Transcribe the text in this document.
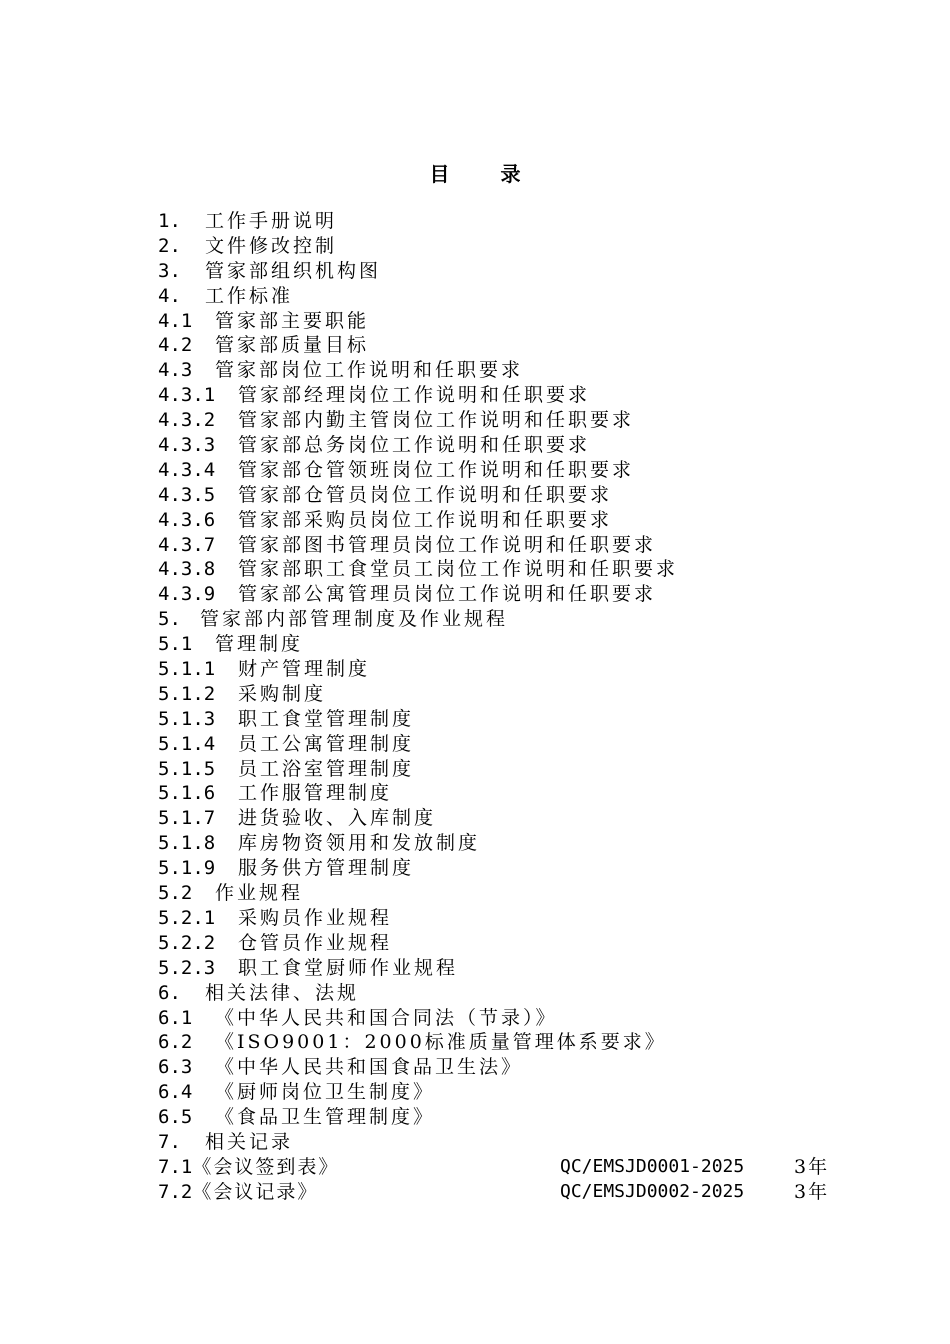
目 录
1. 工作手册说明
2. 文件修改控制
3. 管家部组织机构图
4. 工作标准
4.1 管家部主要职能
4.2 管家部质量目标
4.3 管家部岗位工作说明和任职要求
4.3.1 管家部经理岗位工作说明和任职要求
4.3.2 管家部内勤主管岗位工作说明和任职要求
4.3.3 管家部总务岗位工作说明和任职要求
4.3.4 管家部仓管领班岗位工作说明和任职要求
4.3.5 管家部仓管员岗位工作说明和任职要求
4.3.6 管家部采购员岗位工作说明和任职要求
4.3.7 管家部图书管理员岗位工作说明和任职要求
4.3.8 管家部职工食堂员工岗位工作说明和任职要求
4.3.9 管家部公寓管理员岗位工作说明和任职要求
5. 管家部内部管理制度及作业规程
5.1 管理制度
5.1.1 财产管理制度
5.1.2 采购制度
5.1.3 职工食堂管理制度
5.1.4 员工公寓管理制度
5.1.5 员工浴室管理制度
5.1.6 工作服管理制度
5.1.7 进货验收、入库制度
5.1.8 库房物资领用和发放制度
5.1.9 服务供方管理制度
5.2 作业规程
5.2.1 采购员作业规程
5.2.2 仓管员作业规程
5.2.3 职工食堂厨师作业规程
6. 相关法律、法规
6.1 《中华人民共和国合同法（节录）》
6.2 《ISO9001：2000标准质量管理体系要求》
6.3 《中华人民共和国食品卫生法》
6.4 《厨师岗位卫生制度》
6.5 《食品卫生管理制度》
7. 相关记录
7.1《会议签到表》	QC/EMSJD0001-2025	3年
7.2《会议记录》	QC/EMSJD0002-2025	3年
